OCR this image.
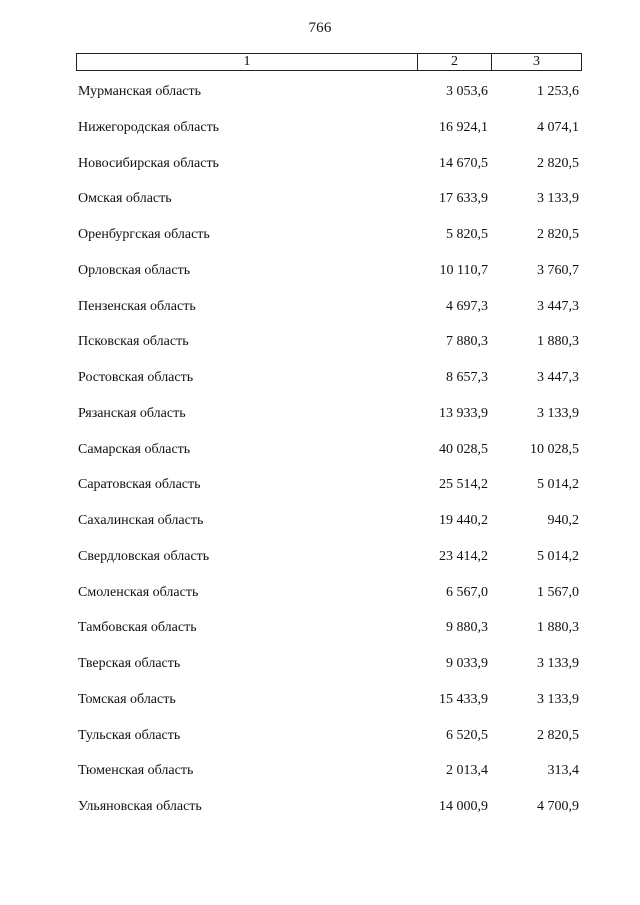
766
1	2	3
Мурманская область	3 053,6	1 253,6
Нижегородская область	16 924,1	4 074,1
Новосибирская область	14 670,5	2 820,5
Омская область	17 633,9	3 133,9
Оренбургская область	5 820,5	2 820,5
Орловская область	10 110,7	3 760,7
Пензенская область	4 697,3	3 447,3
Псковская область	7 880,3	1 880,3
Ростовская область	8 657,3	3 447,3
Рязанская область	13 933,9	3 133,9
Самарская область	40 028,5	10 028,5
Саратовская область	25 514,2	5 014,2
Сахалинская область	19 440,2	940,2
Свердловская область	23 414,2	5 014,2
Смоленская область	6 567,0	1 567,0
Тамбовская область	9 880,3	1 880,3
Тверская область	9 033,9	3 133,9
Томская область	15 433,9	3 133,9
Тульская область	6 520,5	2 820,5
Тюменская область	2 013,4	313,4
Ульяновская область	14 000,9	4 700,9
